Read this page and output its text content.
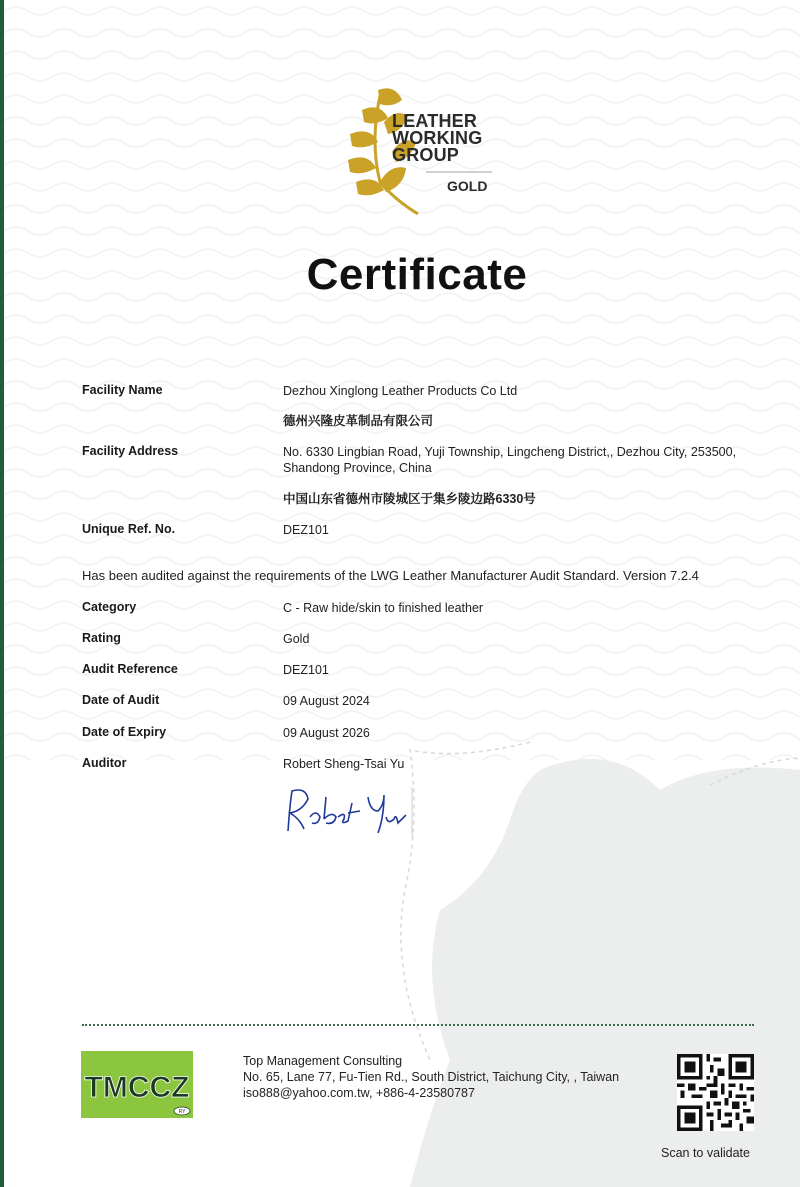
LEATHER
WORKING
GROUP
GOLD
Certificate
Facility Name	Dezhou Xinglong Leather Products Co Ltd
德州兴隆皮革制品有限公司
Facility Address	No. 6330 Lingbian Road, Yuji Township, Lingcheng District,, Dezhou City, 253500,
Shandong Province, China
中国山东省德州市陵城区于集乡陵边路6330号
Unique Ref. No.	DEZ101
Has been audited against the requirements of the LWG Leather Manufacturer Audit Standard. Version 7.2.4
Category	C - Raw hide/skin to finished leather
Rating	Gold
Audit Reference	DEZ101
Date of Audit	09 August 2024
Date of Expiry	09 August 2026
Auditor	Robert Sheng-Tsai Yu
TMCCZ
RY
Top Management Consulting
No. 65, Lane 77, Fu-Tien Rd., South District, Taichung City, , Taiwan
iso888@yahoo.com.tw, +886-4-23580787
Scan to validate
